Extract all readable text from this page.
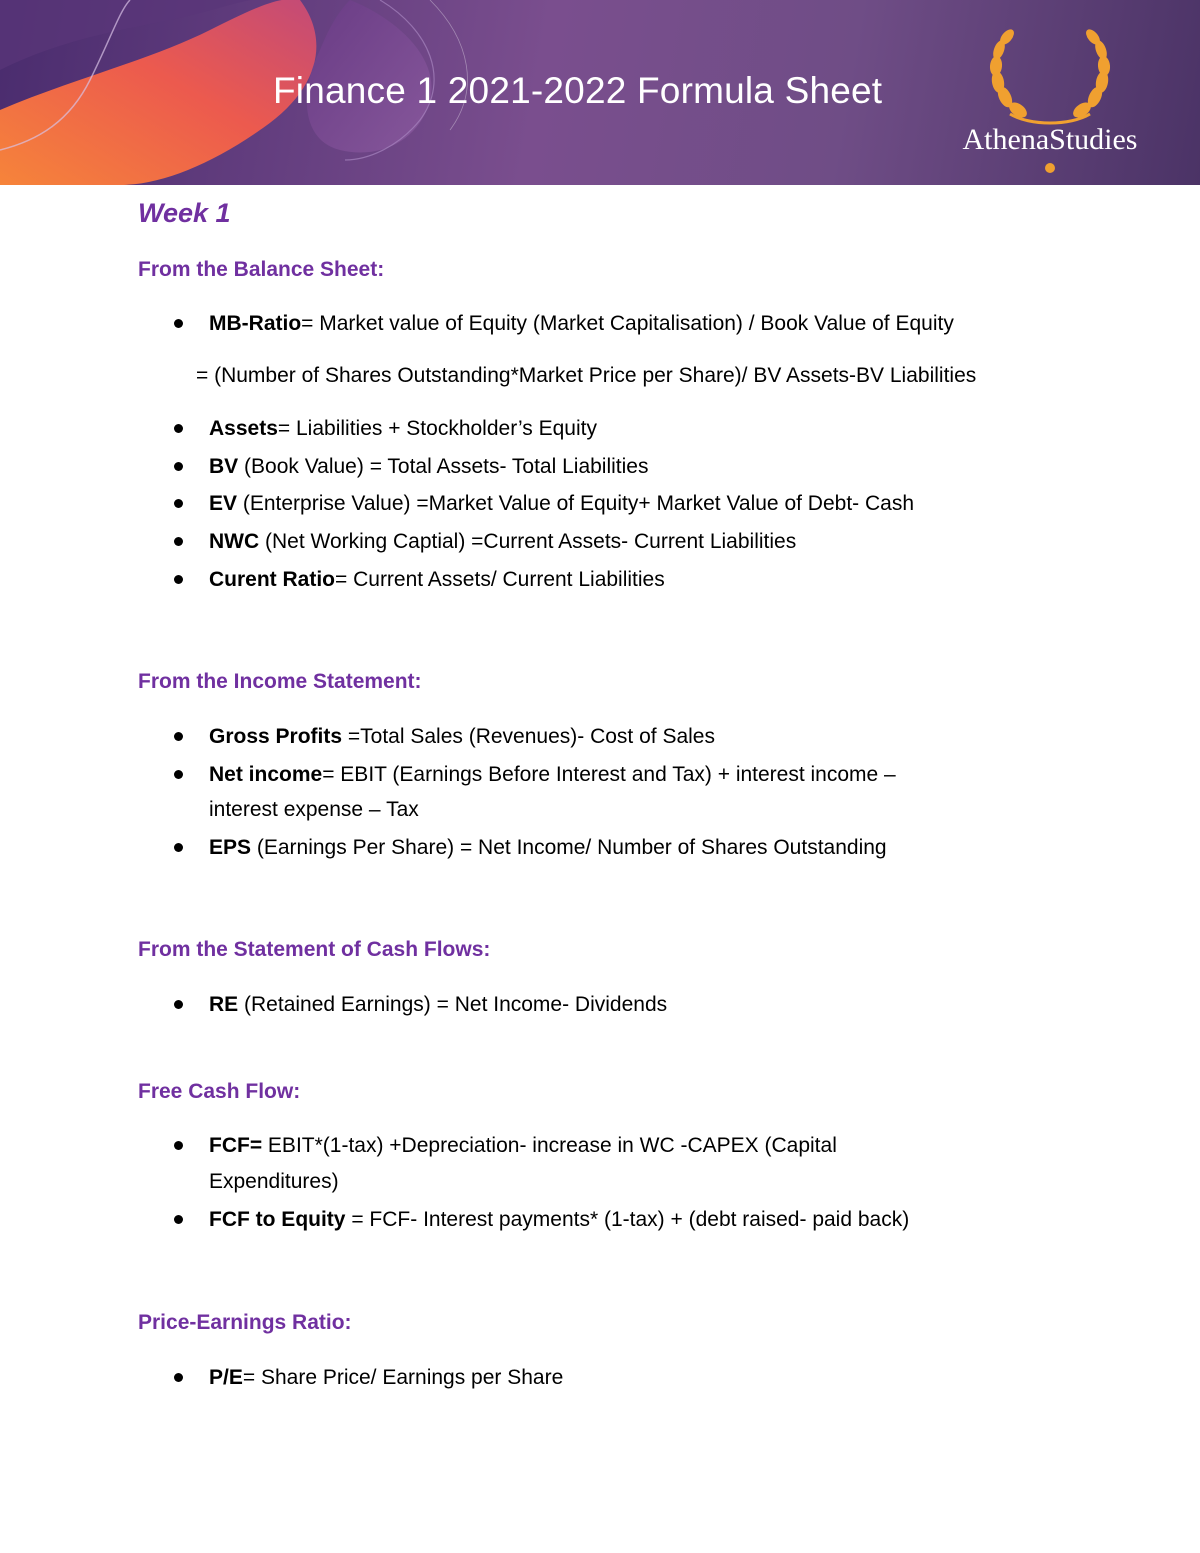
Finance 1 2021-2022 Formula Sheet
AthenaStudies
Week 1
From the Balance Sheet:
MB-Ratio= Market value of Equity (Market Capitalisation) / Book Value of Equity
= (Number of Shares Outstanding*Market Price per Share)/ BV Assets-BV Liabilities
Assets= Liabilities + Stockholder’s Equity
BV (Book Value) = Total Assets- Total Liabilities
EV (Enterprise Value) =Market Value of Equity+ Market Value of Debt- Cash
NWC (Net Working Captial) =Current Assets- Current Liabilities
Curent Ratio= Current Assets/ Current Liabilities
From the Income Statement:
Gross Profits =Total Sales (Revenues)- Cost of Sales
Net income= EBIT (Earnings Before Interest and Tax) + interest income –
interest expense – Tax
EPS (Earnings Per Share) = Net Income/ Number of Shares Outstanding
From the Statement of Cash Flows:
RE (Retained Earnings) = Net Income- Dividends
Free Cash Flow:
FCF= EBIT*(1-tax) +Depreciation- increase in WC -CAPEX (Capital
Expenditures)
FCF to Equity = FCF- Interest payments* (1-tax) + (debt raised- paid back)
Price-Earnings Ratio:
P/E= Share Price/ Earnings per Share
